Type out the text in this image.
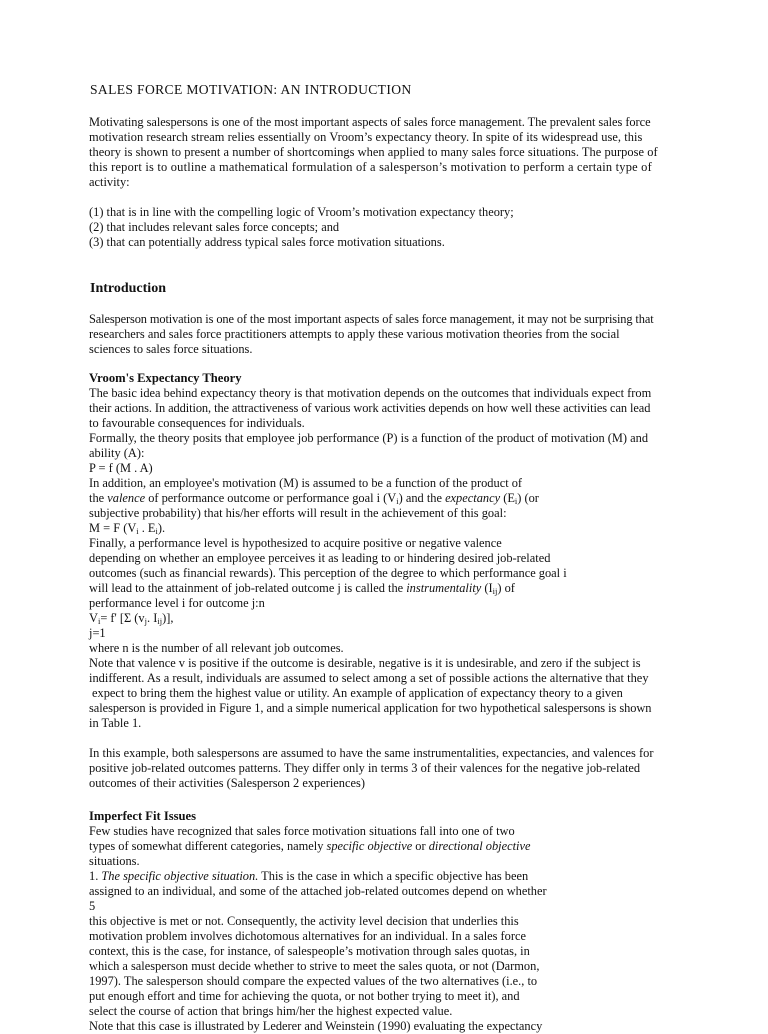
SALES FORCE MOTIVATION: AN INTRODUCTION
Motivating salespersons is one of the most important aspects of sales force management. The prevalent sales force
motivation research stream relies essentially on Vroom’s expectancy theory. In spite of its widespread use, this
theory is shown to present a number of shortcomings when applied to many sales force situations. The purpose of
this report is to outline a mathematical formulation of a salesperson’s motivation to perform a certain type of
activity:
(1) that is in line with the compelling logic of Vroom’s motivation expectancy theory;
(2) that includes relevant sales force concepts; and
(3) that can potentially address typical sales force motivation situations.
Introduction
Salesperson motivation is one of the most important aspects of sales force management, it may not be surprising that
researchers and sales force practitioners attempts to apply these various motivation theories from the social
sciences to sales force situations.
Vroom's Expectancy Theory
The basic idea behind expectancy theory is that motivation depends on the outcomes that individuals expect from
their actions. In addition, the attractiveness of various work activities depends on how well these activities can lead
to favourable consequences for individuals.
Formally, the theory posits that employee job performance (P) is a function of the product of motivation (M) and
ability (A):
P = f (M . A)
In addition, an employee's motivation (M) is assumed to be a function of the product of
the valence of performance outcome or performance goal i $(V_i)$ and the expectancy $(E_i)$ (or
subjective probability) that his/her efforts will result in the achievement of this goal:
M = F ($V_i$ . $E_i$).
Finally, a performance level is hypothesized to acquire positive or negative valence
depending on whether an employee perceives it as leading to or hindering desired job-related
outcomes (such as financial rewards). This perception of the degree to which performance goal i
will lead to the attainment of job-related outcome j is called the instrumentality $(I_{ij})$ of
performance level i for outcome j:n
$V_i= f'$ [Σ ($v_j$. $I_{ij}$)],
j=1
where n is the number of all relevant job outcomes.
Note that valence v is positive if the outcome is desirable, negative is it is undesirable, and zero if the subject is
indifferent. As a result, individuals are assumed to select among a set of possible actions the alternative that they
expect to bring them the highest value or utility. An example of application of expectancy theory to a given
salesperson is provided in Figure 1, and a simple numerical application for two hypothetical salespersons is shown
in Table 1.
In this example, both salespersons are assumed to have the same instrumentalities, expectancies, and valences for
positive job-related outcomes patterns. They differ only in terms 3 of their valences for the negative job-related
outcomes of their activities (Salesperson 2 experiences)
Imperfect Fit Issues
Few studies have recognized that sales force motivation situations fall into one of two
types of somewhat different categories, namely specific objective or directional objective
situations.
1. The specific objective situation. This is the case in which a specific objective has been
assigned to an individual, and some of the attached job-related outcomes depend on whether
5
this objective is met or not. Consequently, the activity level decision that underlies this
motivation problem involves dichotomous alternatives for an individual. In a sales force
context, this is the case, for instance, of salespeople’s motivation through sales quotas, in
which a salesperson must decide whether to strive to meet the sales quota, or not (Darmon,
1997). The salesperson should compare the expected values of the two alternatives (i.e., to
put enough effort and time for achieving the quota, or not bother trying to meet it), and
select the course of action that brings him/her the highest expected value.
Note that this case is illustrated by Lederer and Weinstein (1990) evaluating the expectancy
